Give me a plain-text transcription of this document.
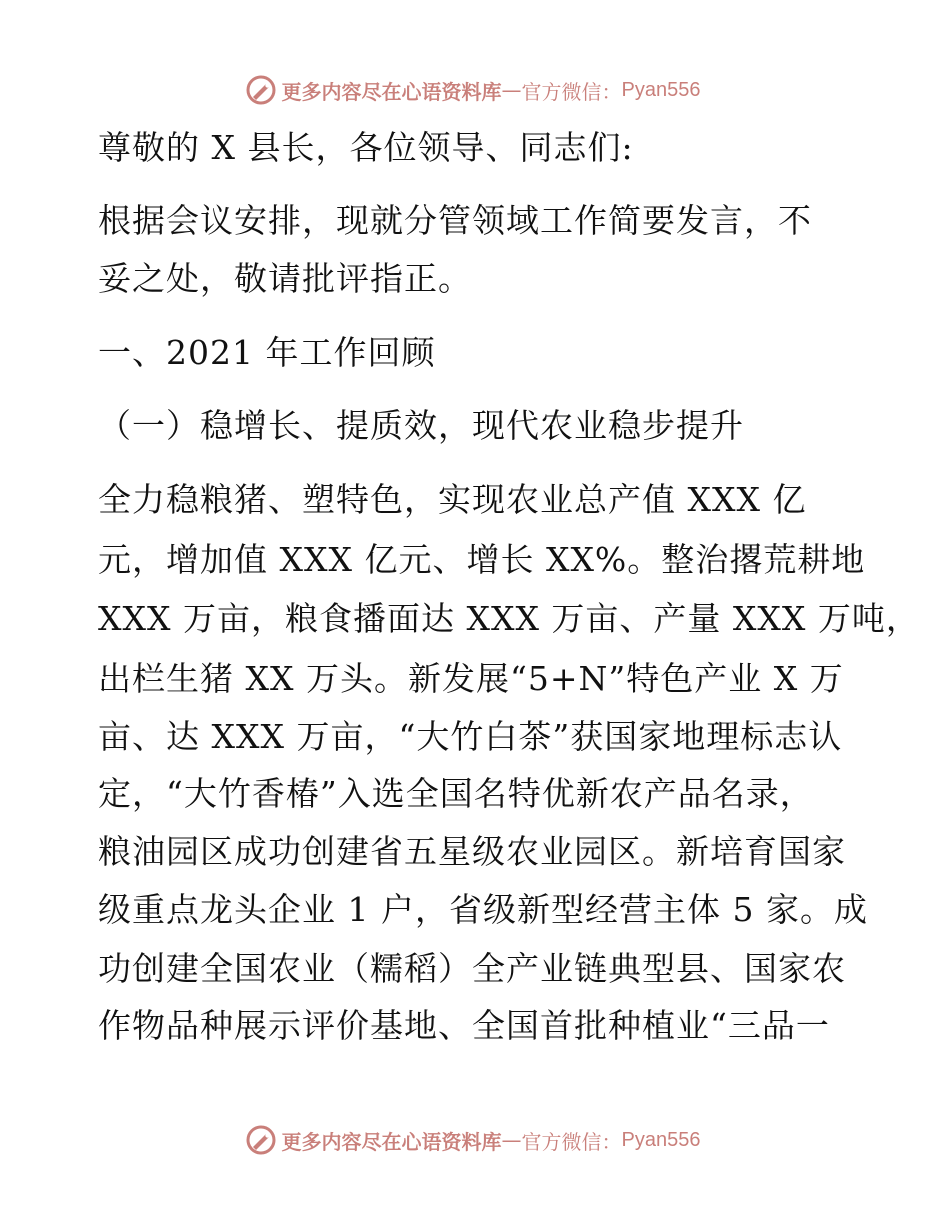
更多内容尽在心语资料库 — 官方微信： Pyan556
尊敬的 X 县长，各位领导、同志们:
根据会议安排，现就分管领域工作简要发言，不
妥之处，敬请批评指正。
一、2021 年工作回顾
（一）稳增长、提质效，现代农业稳步提升
全力稳粮猪、塑特色，实现农业总产值 XXX 亿
元，增加值 XXX 亿元、增长 XX%。整治撂荒耕地
XXX 万亩，粮食播面达 XXX 万亩、产量 XXX 万吨，
出栏生猪 XX 万头。新发展“5+N”特色产业 X 万
亩、达 XXX 万亩，“大竹白茶”获国家地理标志认
定，“大竹香椿”入选全国名特优新农产品名录，
粮油园区成功创建省五星级农业园区。新培育国家
级重点龙头企业 1 户，省级新型经营主体 5 家。成
功创建全国农业（糯稻）全产业链典型县、国家农
作物品种展示评价基地、全国首批种植业“三品一
更多内容尽在心语资料库 — 官方微信： Pyan556
